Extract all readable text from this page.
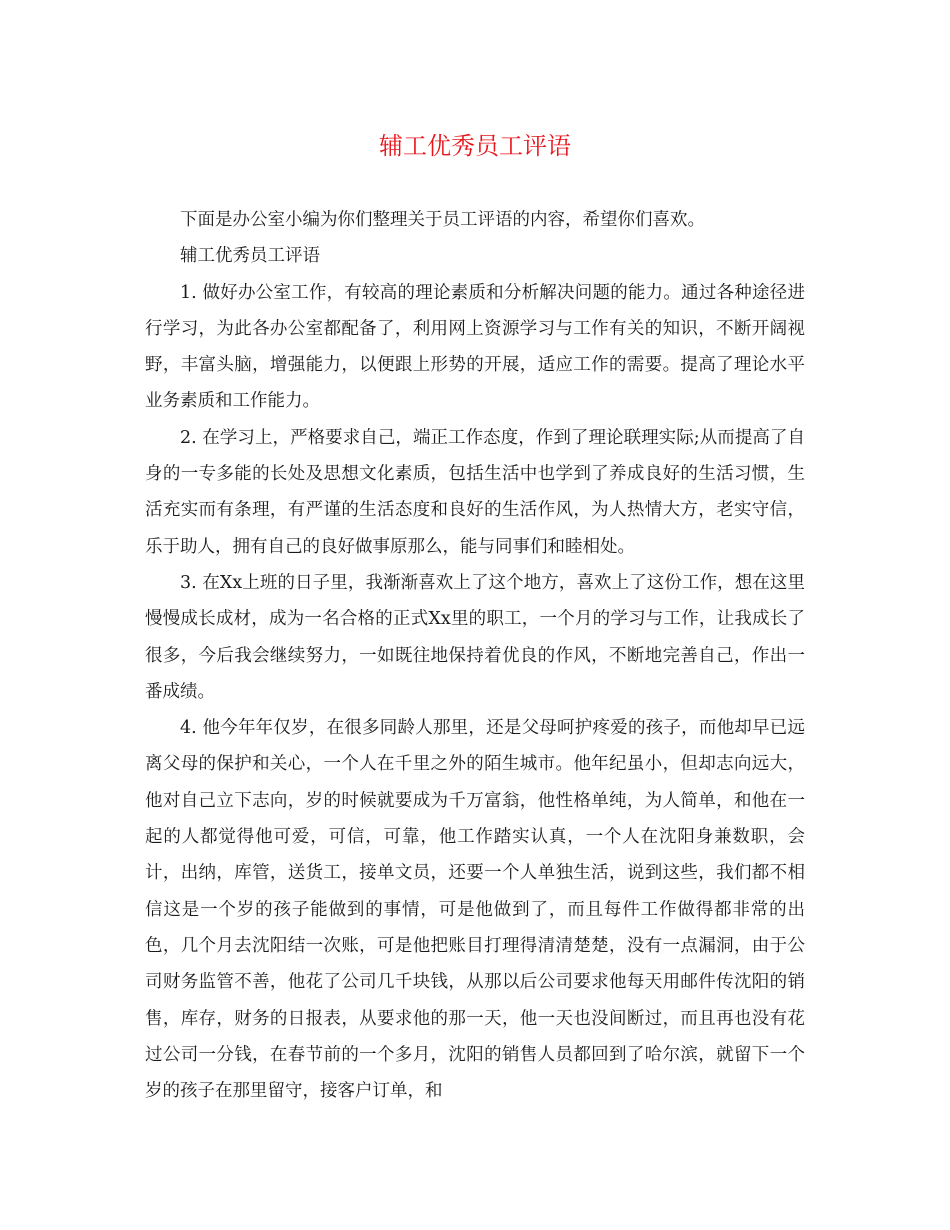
辅工优秀员工评语

下面是办公室小编为你们整理关于员工评语的内容，希望你们喜欢。

辅工优秀员工评语

1. 做好办公室工作，有较高的理论素质和分析解决问题的能力。通过各种途径进行学习，为此各办公室都配备了，利用网上资源学习与工作有关的知识，不断开阔视野，丰富头脑，增强能力，以便跟上形势的开展，适应工作的需要。提高了理论水平业务素质和工作能力。

2. 在学习上，严格要求自己，端正工作态度，作到了理论联理实际;从而提高了自身的一专多能的长处及思想文化素质，包括生活中也学到了养成良好的生活习惯，生活充实而有条理，有严谨的生活态度和良好的生活作风，为人热情大方，老实守信，乐于助人，拥有自己的良好做事原那么，能与同事们和睦相处。

3. 在Xx上班的日子里，我渐渐喜欢上了这个地方，喜欢上了这份工作，想在这里慢慢成长成材，成为一名合格的正式Xx里的职工，一个月的学习与工作，让我成长了很多，今后我会继续努力，一如既往地保持着优良的作风，不断地完善自己，作出一番成绩。

4. 他今年年仅岁，在很多同龄人那里，还是父母呵护疼爱的孩子，而他却早已远离父母的保护和关心，一个人在千里之外的陌生城市。他年纪虽小，但却志向远大，他对自己立下志向，岁的时候就要成为千万富翁，他性格单纯，为人简单，和他在一起的人都觉得他可爱，可信，可靠，他工作踏实认真，一个人在沈阳身兼数职，会计，出纳，库管，送货工，接单文员，还要一个人单独生活，说到这些，我们都不相信这是一个岁的孩子能做到的事情，可是他做到了，而且每件工作做得都非常的出色，几个月去沈阳结一次账，可是他把账目打理得清清楚楚，没有一点漏洞，由于公司财务监管不善，他花了公司几千块钱，从那以后公司要求他每天用邮件传沈阳的销售，库存，财务的日报表，从要求他的那一天，他一天也没间断过，而且再也没有花过公司一分钱，在春节前的一个多月，沈阳的销售人员都回到了哈尔滨，就留下一个岁的孩子在那里留守，接客户订单，和
